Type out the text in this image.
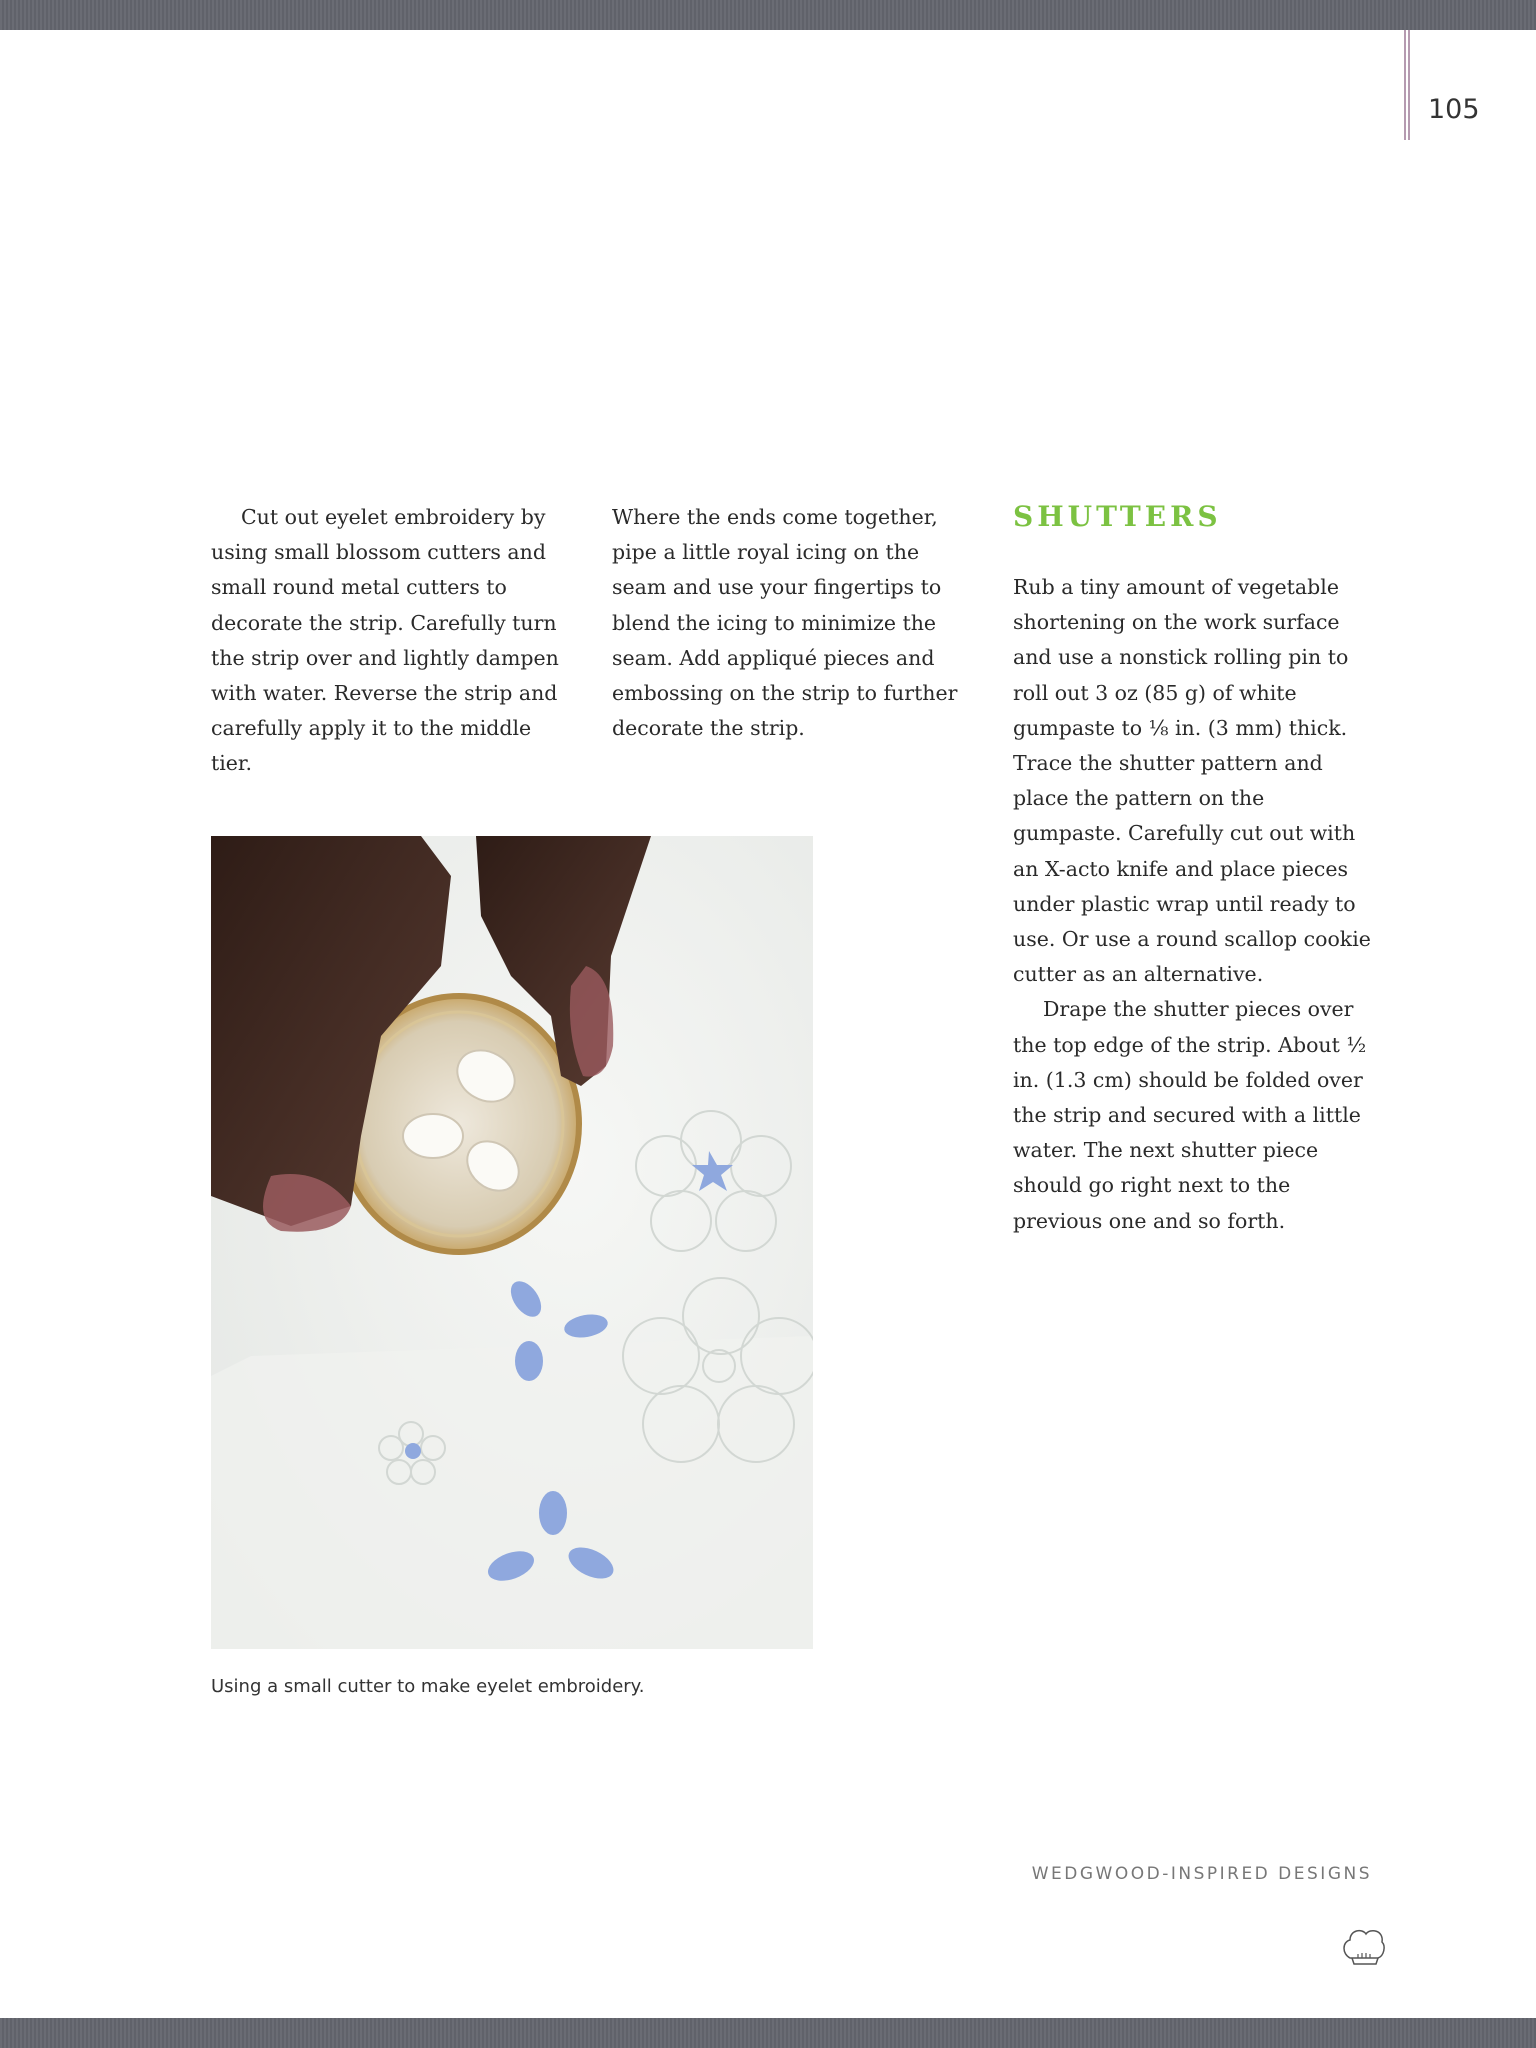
105

Cut out eyelet embroidery by using small blossom cutters and small round metal cutters to decorate the strip. Carefully turn the strip over and lightly dampen with water. Reverse the strip and carefully apply it to the middle tier.

Where the ends come together, pipe a little royal icing on the seam and use your fingertips to blend the icing to minimize the seam. Add appliqué pieces and embossing on the strip to further decorate the strip.

SHUTTERS

Rub a tiny amount of vegetable shortening on the work surface and use a nonstick rolling pin to roll out 3 oz (85 g) of white gumpaste to ⅛ in. (3 mm) thick. Trace the shutter pattern and place the pattern on the gumpaste. Carefully cut out with an X-acto knife and place pieces under plastic wrap until ready to use. Or use a round scallop cookie cutter as an alternative.

Drape the shutter pieces over the top edge of the strip. About ½ in. (1.3 cm) should be folded over the strip and secured with a little water. The next shutter piece should go right next to the previous one and so forth.

Using a small cutter to make eyelet embroidery.
WEDGWOOD-INSPIRED DESIGNS
